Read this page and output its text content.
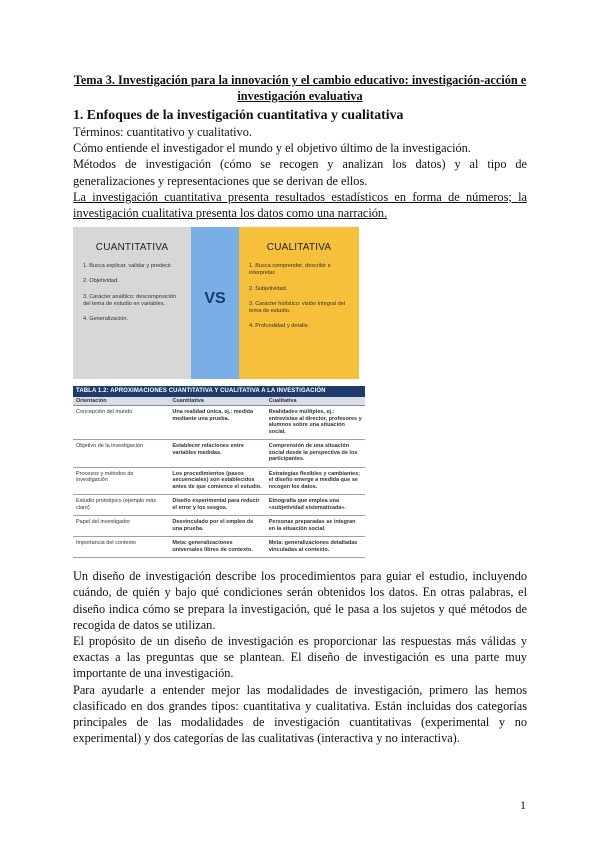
Tema 3. Investigación para la innovación y el cambio educativo: investigación-acción e investigación evaluativa
1. Enfoques de la investigación cuantitativa y cualitativa

Términos: cuantitativo y cualitativo.

Cómo entiende el investigador el mundo y el objetivo último de la investigación.

Métodos de investigación (cómo se recogen y analizan los datos) y al tipo de generalizaciones y representaciones que se derivan de ellos.

La investigación cuantitativa presenta resultados estadísticos en forma de números; la investigación cualitativa presenta los datos como una narración.

CUANTITATIVA
1. Busca explicar, validar y predecir.
2. Objetividad.
3. Carácter analítico: descomposición del tema de estudio en variables.
4. Generalización.
VS
CUALITATIVA
1. Busca comprender, describir e interpretar.
2. Subjetividad.
3. Carácter holístico: visión integral del tema de estudio.
4. Profundidad y detalle.
TABLA 1.2: APROXIMACIONES CUANTITATIVA Y CUALITATIVA A LA INVESTIGACIÓN
Orientación	Cuantitativa	Cualitativa
Concepción del mundo	Una realidad única, ej.: medida mediante una prueba.	Realidades múltiples, ej.: entrevistas al director, profesores y alumnos sobre una situación social.
Objetivo de la investigación	Establecer relaciones entre variables medidas.	Comprensión de una situación social desde la perspectiva de los participantes.
Procesos y métodos de investigación	Los procedimientos (pasos secuenciales) son establecidos antes de que comience el estudio.	Estrategias flexibles y cambiantes; el diseño emerge a medida que se recogen los datos.
Estudio prototípico (ejemplo más claro)	Diseño experimental para reducir el error y los sesgos.	Etnografía que emplea una «subjetividad sistematizada».
Papel del investigador	Desvinculado por el empleo de una prueba.	Personas preparadas se integran en la situación social.
Importancia del contexto	Meta: generalizaciones universales libres de contexto.	Meta: generalizaciones detalladas vinculadas al contexto.

Un diseño de investigación describe los procedimientos para guiar el estudio, incluyendo cuándo, de quién y bajo qué condiciones serán obtenidos los datos. En otras palabras, el diseño indica cómo se prepara la investigación, qué le pasa a los sujetos y qué métodos de recogida de datos se utilizan.

El propósito de un diseño de investigación es proporcionar las respuestas más válidas y exactas a las preguntas que se plantean. El diseño de investigación es una parte muy importante de una investigación.

Para ayudarle a entender mejor las modalidades de investigación, primero las hemos clasificado en dos grandes tipos: cuantitativa y cualitativa. Están incluidas dos categorías principales de las modalidades de investigación cuantitativas (experimental y no experimental) y dos categorías de las cualitativas (interactiva y no interactiva).

1
